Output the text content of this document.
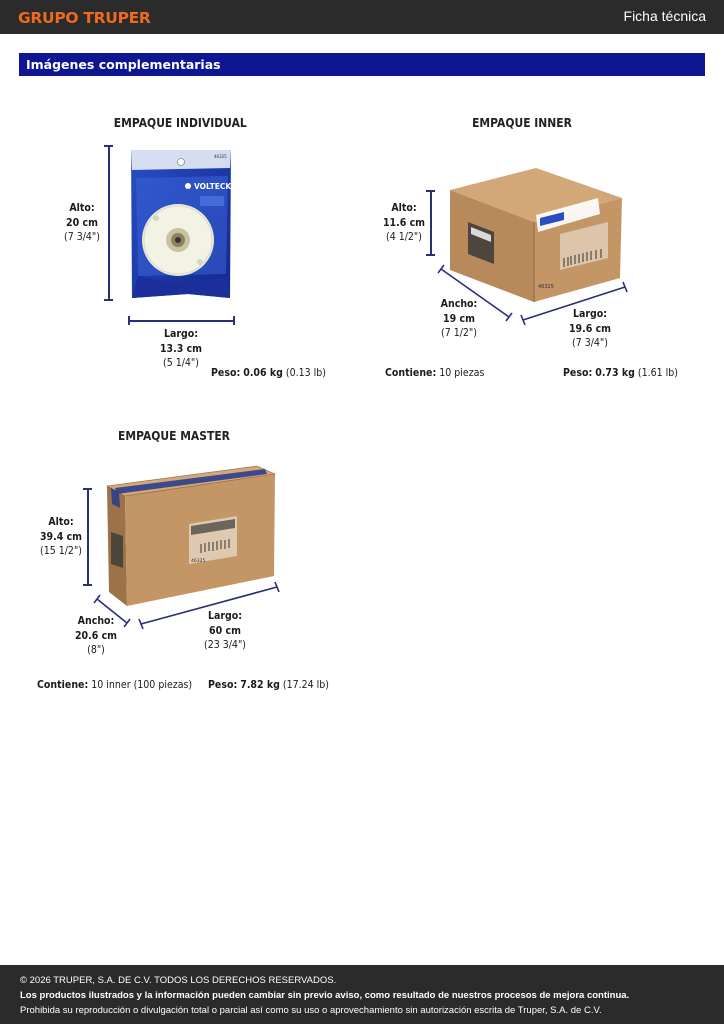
GRUPO TRUPER	Ficha técnica
Imágenes complementarias
EMPAQUE INDIVIDUAL
Alto:
20 cm
(7 3/4")
VOLTECK
46325
Largo:
13.3 cm
(5 1/4")
Peso: 0.06 kg (0.13 lb)
EMPAQUE INNER
Alto:
11.6 cm
(4 1/2")
46325
Ancho:
19 cm
(7 1/2")
Largo:
19.6 cm
(7 3/4")
Contiene: 10 piezas	Peso: 0.73 kg (1.61 lb)
EMPAQUE MASTER
Alto:
39.4 cm
(15 1/2")
46325
Ancho:
20.6 cm
(8")
Largo:
60 cm
(23 3/4")
Contiene: 10 inner (100 piezas) Peso: 7.82 kg (17.24 lb)
© 2026 TRUPER, S.A. DE C.V. TODOS LOS DERECHOS RESERVADOS.
Los productos ilustrados y la información pueden cambiar sin previo aviso, como resultado de nuestros procesos de mejora continua.
Prohibida su reproducción o divulgación total o parcial así como su uso o aprovechamiento sin autorización escrita de Truper, S.A. de C.V.
